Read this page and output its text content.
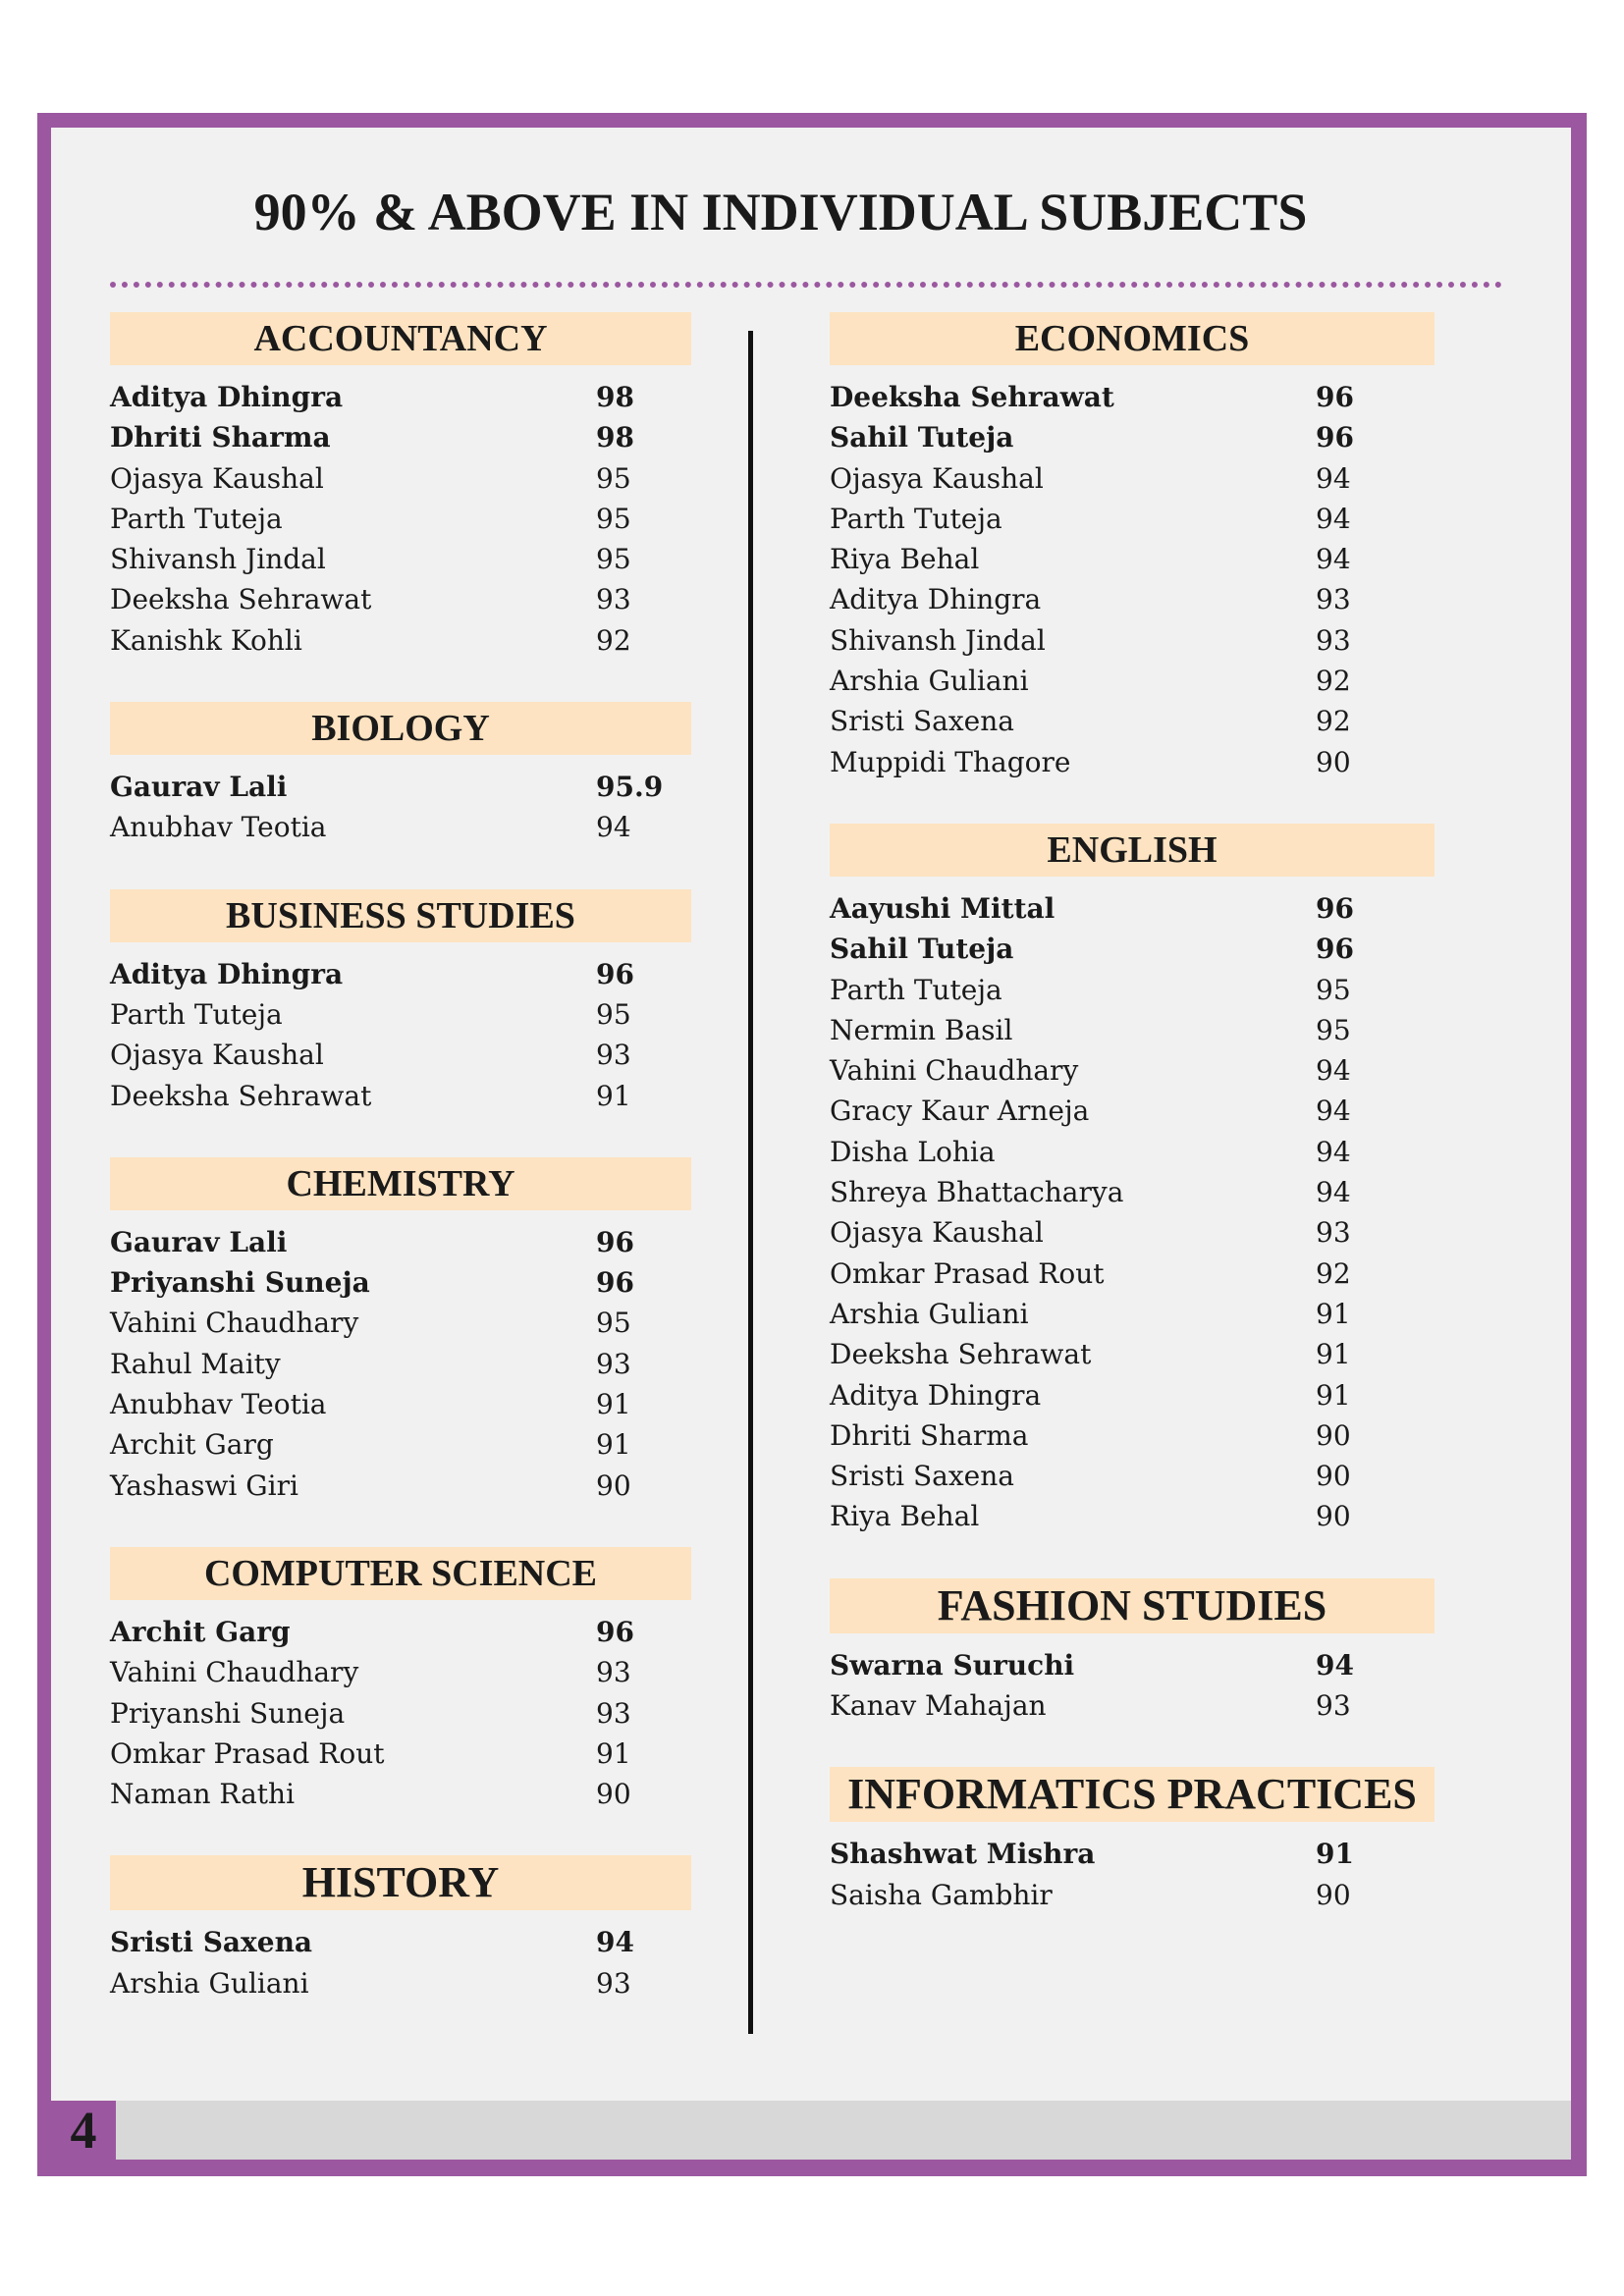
4
90% & ABOVE IN INDIVIDUAL SUBJECTS
ACCOUNTANCY
Aditya Dhingra	98
Dhriti Sharma	98
Ojasya Kaushal	95
Parth Tuteja	95
Shivansh Jindal	95
Deeksha Sehrawat	93
Kanishk Kohli	92
BIOLOGY
Gaurav Lali	95.9
Anubhav Teotia	94
BUSINESS STUDIES
Aditya Dhingra	96
Parth Tuteja	95
Ojasya Kaushal	93
Deeksha Sehrawat	91
CHEMISTRY
Gaurav Lali	96
Priyanshi Suneja	96
Vahini Chaudhary	95
Rahul Maity	93
Anubhav Teotia	91
Archit Garg	91
Yashaswi Giri	90
COMPUTER SCIENCE
Archit Garg	96
Vahini Chaudhary	93
Priyanshi Suneja	93
Omkar Prasad Rout	91
Naman Rathi	90
HISTORY
Sristi Saxena	94
Arshia Guliani	93
ECONOMICS
Deeksha Sehrawat	96
Sahil Tuteja	96
Ojasya Kaushal	94
Parth Tuteja	94
Riya Behal	94
Aditya Dhingra	93
Shivansh Jindal	93
Arshia Guliani	92
Sristi Saxena	92
Muppidi Thagore	90
ENGLISH
Aayushi Mittal	96
Sahil Tuteja	96
Parth Tuteja	95
Nermin Basil	95
Vahini Chaudhary	94
Gracy Kaur Arneja	94
Disha Lohia	94
Shreya Bhattacharya	94
Ojasya Kaushal	93
Omkar Prasad Rout	92
Arshia Guliani	91
Deeksha Sehrawat	91
Aditya Dhingra	91
Dhriti Sharma	90
Sristi Saxena	90
Riya Behal	90
FASHION STUDIES
Swarna Suruchi	94
Kanav Mahajan	93
INFORMATICS PRACTICES
Shashwat Mishra	91
Saisha Gambhir	90
